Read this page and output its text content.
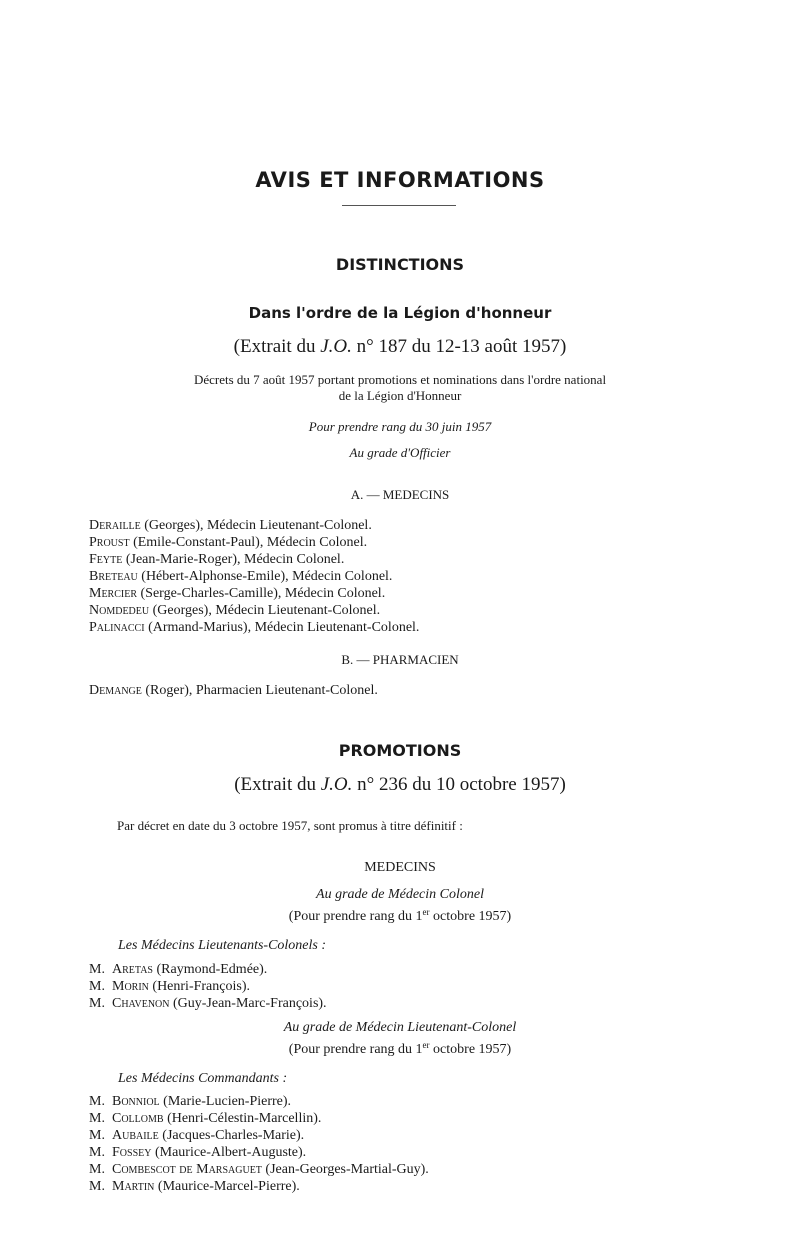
AVIS ET INFORMATIONS
DISTINCTIONS
Dans l'ordre de la Légion d'honneur
(Extrait du J.O. n° 187 du 12-13 août 1957)
Décrets du 7 août 1957 portant promotions et nominations dans l'ordre national
de la Légion d'Honneur
Pour prendre rang du 30 juin 1957
Au grade d'Officier
A. — MEDECINS
Deraille (Georges), Médecin Lieutenant-Colonel.
Proust (Emile-Constant-Paul), Médecin Colonel.
Feyte (Jean-Marie-Roger), Médecin Colonel.
Breteau (Hébert-Alphonse-Emile), Médecin Colonel.
Mercier (Serge-Charles-Camille), Médecin Colonel.
Nomdedeu (Georges), Médecin Lieutenant-Colonel.
Palinacci (Armand-Marius), Médecin Lieutenant-Colonel.
B. — PHARMACIEN
Demange (Roger), Pharmacien Lieutenant-Colonel.
PROMOTIONS
(Extrait du J.O. n° 236 du 10 octobre 1957)
Par décret en date du 3 octobre 1957, sont promus à titre définitif :
MEDECINS
Au grade de Médecin Colonel
(Pour prendre rang du 1er octobre 1957)
Les Médecins Lieutenants-Colonels :
M. Aretas (Raymond-Edmée).
M. Morin (Henri-François).
M. Chavenon (Guy-Jean-Marc-François).
Au grade de Médecin Lieutenant-Colonel
(Pour prendre rang du 1er octobre 1957)
Les Médecins Commandants :
M. Bonniol (Marie-Lucien-Pierre).
M. Collomb (Henri-Célestin-Marcellin).
M. Aubaile (Jacques-Charles-Marie).
M. Fossey (Maurice-Albert-Auguste).
M. Combescot de Marsaguet (Jean-Georges-Martial-Guy).
M. Martin (Maurice-Marcel-Pierre).
